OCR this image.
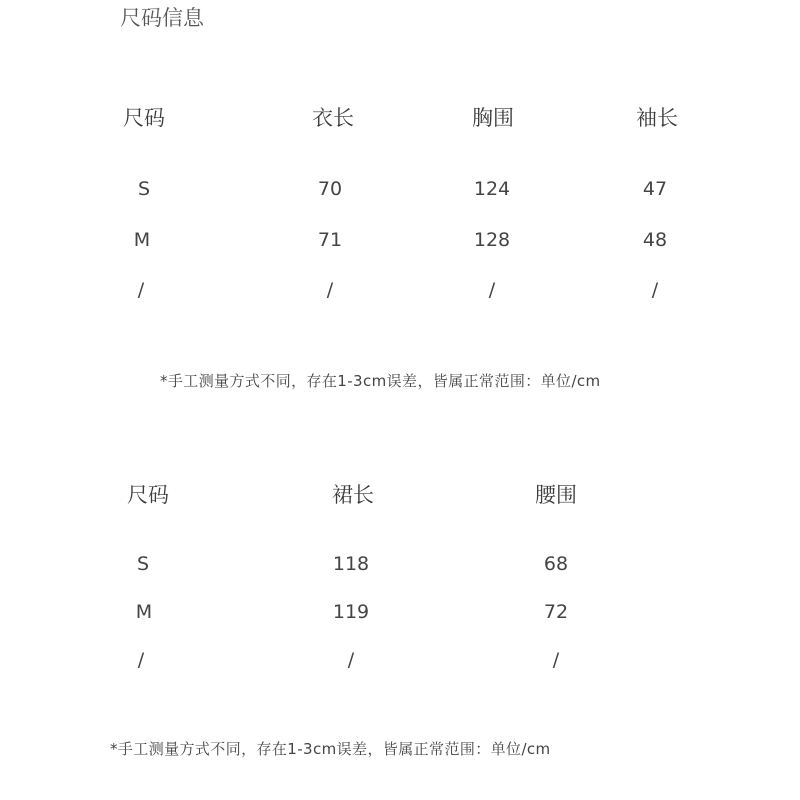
尺码信息
尺码	衣长	胸围	袖长
S	70	124	47
M	71	128	48
/	/	/	/
*手工测量方式不同，存在1-3cm误差，皆属正常范围：单位/cm
尺码	裙长	腰围
S	118	68
M	119	72
/	/	/
*手工测量方式不同，存在1-3cm误差，皆属正常范围：单位/cm
